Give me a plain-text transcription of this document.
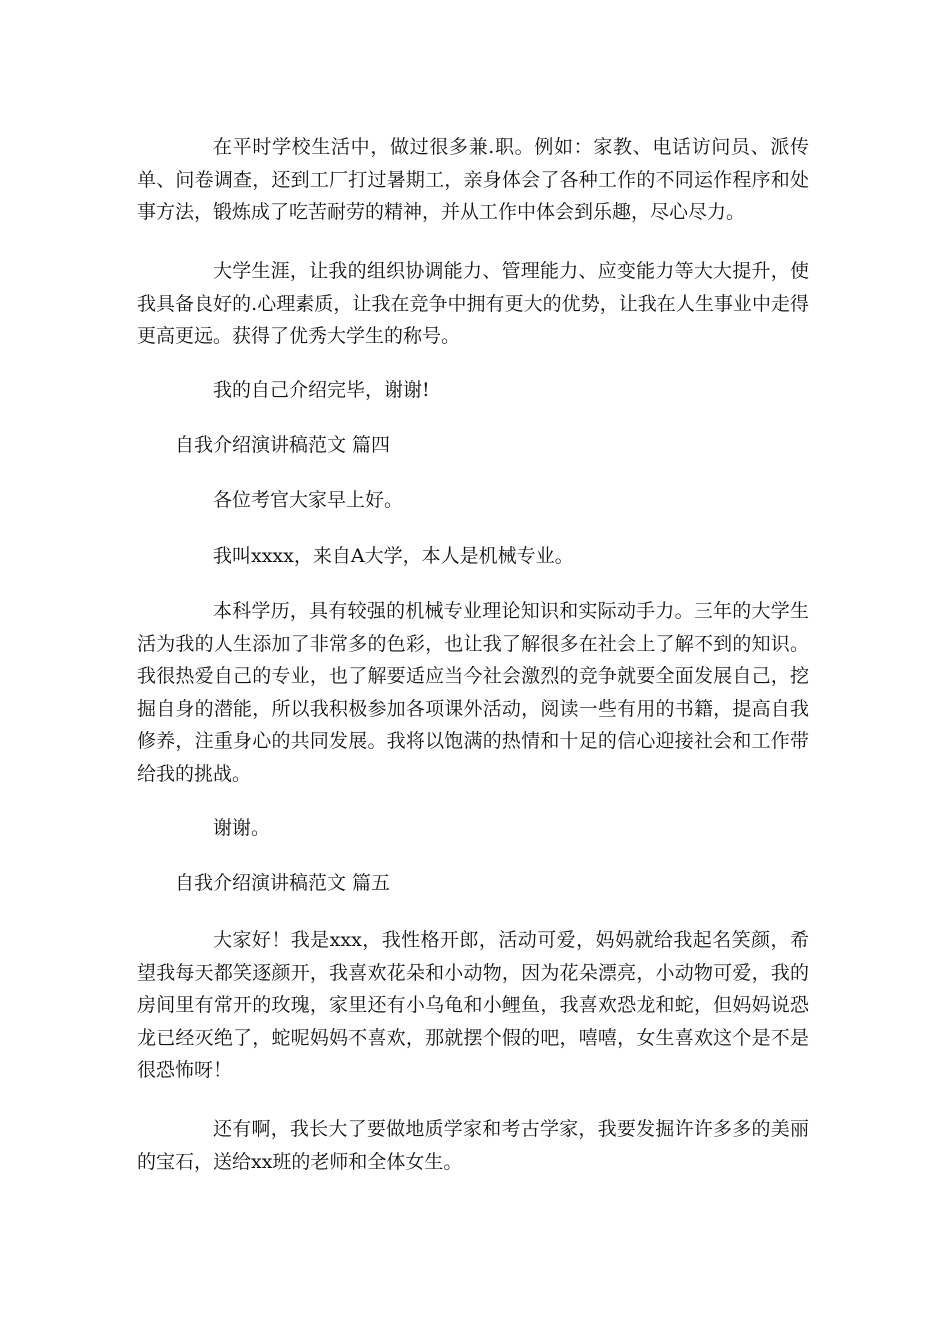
在平时学校生活中，做过很多兼.职。例如：家教、电话访问员、派传单、问卷调查，还到工厂打过暑期工，亲身体会了各种工作的不同运作程序和处事方法，锻炼成了吃苦耐劳的精神，并从工作中体会到乐趣，尽心尽力。

大学生涯，让我的组织协调能力、管理能力、应变能力等大大提升，使我具备良好的.心理素质，让我在竞争中拥有更大的优势，让我在人生事业中走得更高更远。获得了优秀大学生的称号。

我的自己介绍完毕，谢谢!

自我介绍演讲稿范文 篇四

各位考官大家早上好。

我叫xxxx，来自A大学，本人是机械专业。

本科学历，具有较强的机械专业理论知识和实际动手力。三年的大学生活为我的人生添加了非常多的色彩，也让我了解很多在社会上了解不到的知识。我很热爱自己的专业，也了解要适应当今社会激烈的竞争就要全面发展自己，挖掘自身的潜能，所以我积极参加各项课外活动，阅读一些有用的书籍，提高自我修养，注重身心的共同发展。我将以饱满的热情和十足的信心迎接社会和工作带给我的挑战。

谢谢。

自我介绍演讲稿范文 篇五

大家好！我是xxx，我性格开郎，活动可爱，妈妈就给我起名笑颜，希望我每天都笑逐颜开，我喜欢花朵和小动物，因为花朵漂亮，小动物可爱，我的房间里有常开的玫瑰，家里还有小乌龟和小鲤鱼，我喜欢恐龙和蛇，但妈妈说恐龙已经灭绝了，蛇呢妈妈不喜欢，那就摆个假的吧，嘻嘻，女生喜欢这个是不是很恐怖呀！

还有啊，我长大了要做地质学家和考古学家，我要发掘许许多多的美丽的宝石，送给xx班的老师和全体女生。
